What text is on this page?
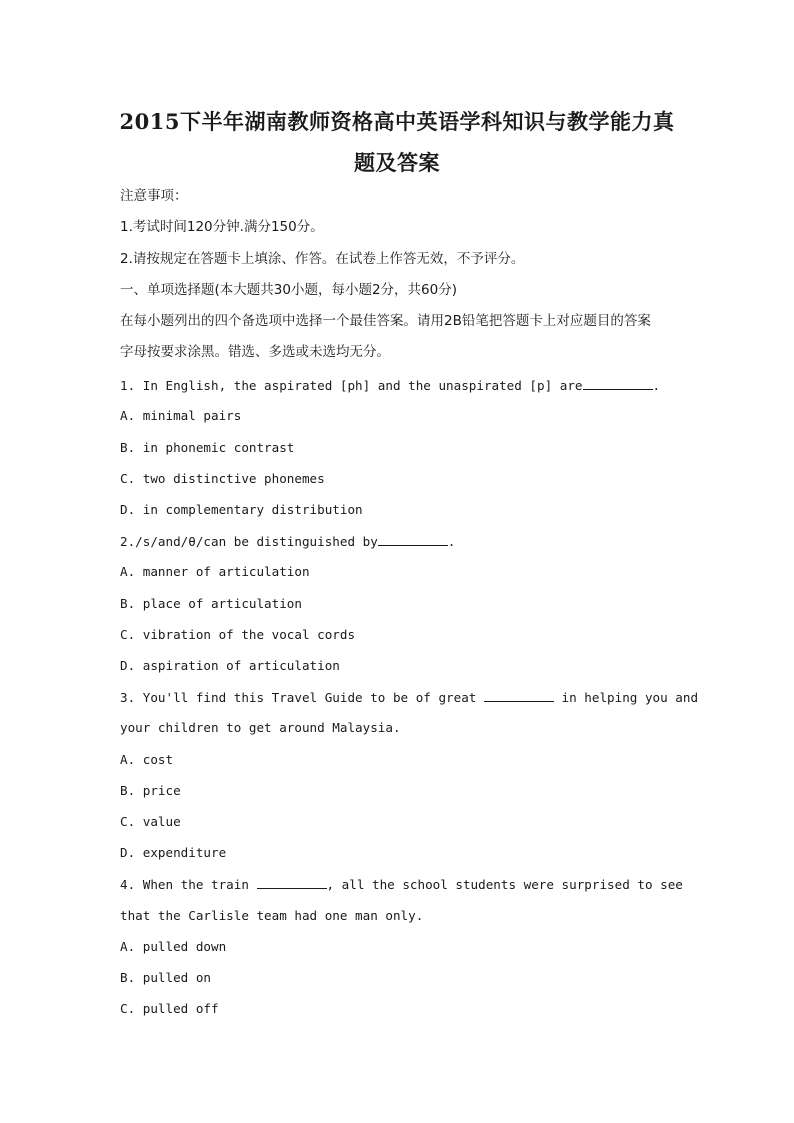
2015下半年湖南教师资格高中英语学科知识与教学能力真
题及答案
注意事项：
1.考试时间120分钟.满分150分。
2.请按规定在答题卡上填涂、作答。在试卷上作答无效，不予评分。
一、单项选择题(本大题共30小题，每小题2分，共60分)
在每小题列出的四个备选项中选择一个最佳答案。请用2B铅笔把答题卡上对应题目的答案
字母按要求涂黑。错选、多选或未选均无分。
1. In English, the aspirated [ph] and the unaspirated [p] are	.
A. minimal pairs
B. in phonemic contrast
C. two distinctive phonemes
D. in complementary distribution
2./s/and/θ/can be distinguished by	.
A. manner of articulation
B. place of articulation
C. vibration of the vocal cords
D. aspiration of articulation
3. You'll find this Travel Guide to be of great	in helping you and
your children to get around Malaysia.
A. cost
B. price
C. value
D. expenditure
4. When the train	, all the school students were surprised to see
that the Carlisle team had one man only.
A. pulled down
B. pulled on
C. pulled off
